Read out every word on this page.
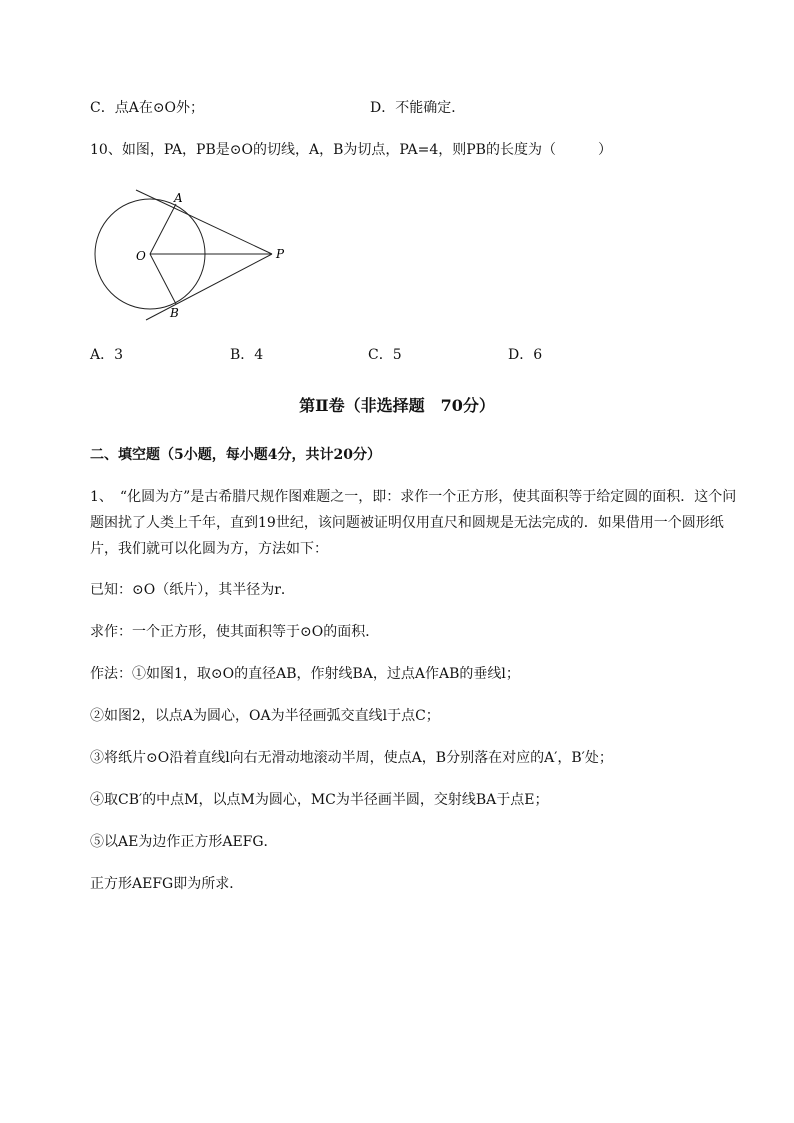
C．点A在⊙O外；	D．不能确定．
10、如图，PA，PB是⊙O的切线，A，B为切点，PA=4，则PB的长度为（　　　）
A
O	P
B
A．3	B．4	C．5	D．6
第Ⅱ卷（非选择题　70分）
二、填空题（5小题，每小题4分，共计20分）
1、　“化圆为方”是古希腊尺规作图难题之一，即：求作一个正方形，使其面积等于给定圆的面积．这个问题困扰了人类上千年，直到19世纪，该问题被证明仅用直尺和圆规是无法完成的．如果借用一个圆形纸片，我们就可以化圆为方，方法如下：
已知：⊙O（纸片），其半径为r．
求作：一个正方形，使其面积等于⊙O的面积．
作法：①如图1，取⊙O的直径AB，作射线BA，过点A作AB的垂线l；
②如图2，以点A为圆心，OA为半径画弧交直线l于点C；
③将纸片⊙O沿着直线l向右无滑动地滚动半周，使点A，B分别落在对应的A′，B′处；
④取CB′的中点M，以点M为圆心，MC为半径画半圆，交射线BA于点E；
⑤以AE为边作正方形AEFG．
正方形AEFG即为所求．
